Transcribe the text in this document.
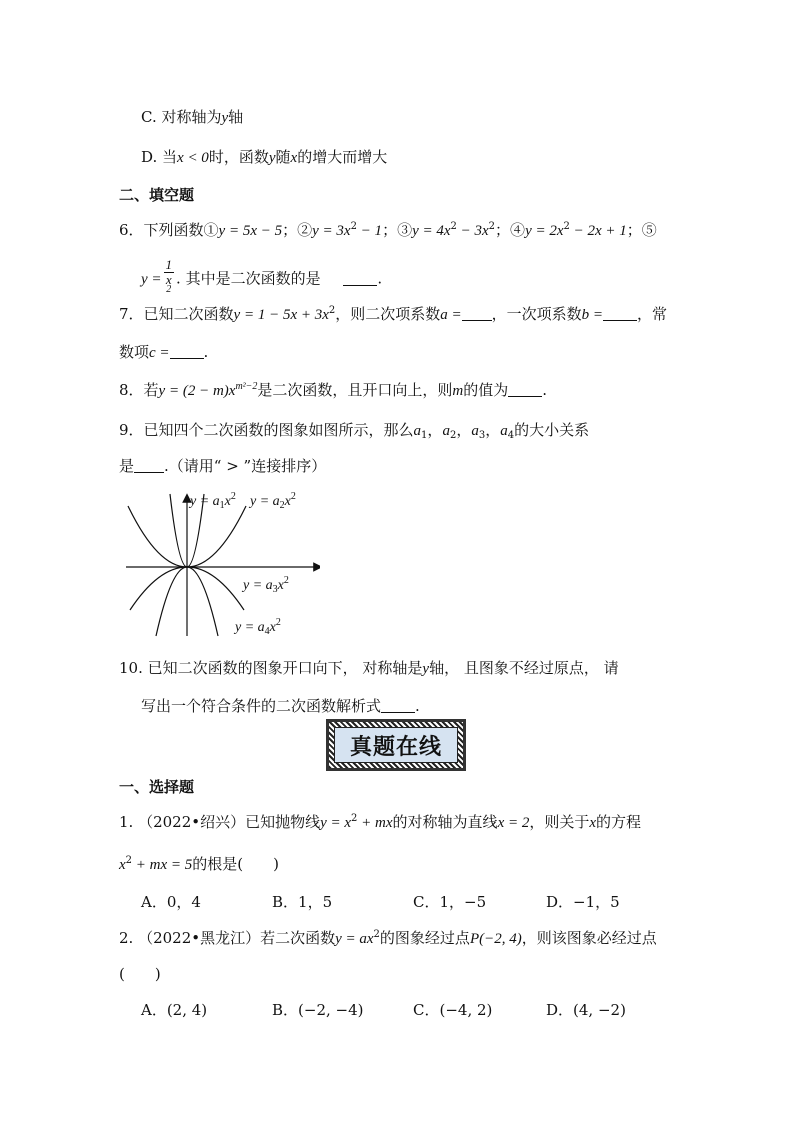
C. 对称轴为y轴
D. 当x < 0时，函数y随x的增大而增大
二、填空题
6．下列函数①y = 5x − 5；②y = $3x^2 - 1$；③y = $4x^2 - 3x^2$；④y = $2x^2 - 2x + 1$；⑤
y = 1
x
$^2$ . 其中是二次函数的是	.
7．已知二次函数$y = 1 - 5x + 3x^2$，则二次项系数a = ，一次项系数b = ，常
数项c = .
8．若$y = (2 - m)x^{m^2-2}$是二次函数，且开口向上，则m的值为 .
9．已知四个二次函数的图象如图所示，那么$a_1$，$a_2$，$a_3$，$a_4$的大小关系
是 .（请用“ > ”连接排序）
$y = a_1x^2$ $y = a_2x^2$
$y = a_3x^2$
$y = a_4x^2$
10. 已知二次函数的图象开口向下， 对称轴是y轴， 且图象不经过原点， 请
写出一个符合条件的二次函数解析式 .
真题在线
一、选择题
1. （2022•绍兴）已知抛物线$y = x^2$ + mx的对称轴为直线x = 2，则关于x的方程
$x^2$ + mx = 5的根是(　　)
A．0，4	B．1，5	C．1，−5	D．−1，5
2. （2022•黑龙江）若二次函数$y = ax^2$的图象经过点P(−2, 4)，则该图象必经过点
(　　)
A．(2, 4)	B．(−2, −4)	C．(−4, 2)	D．(4, −2)
